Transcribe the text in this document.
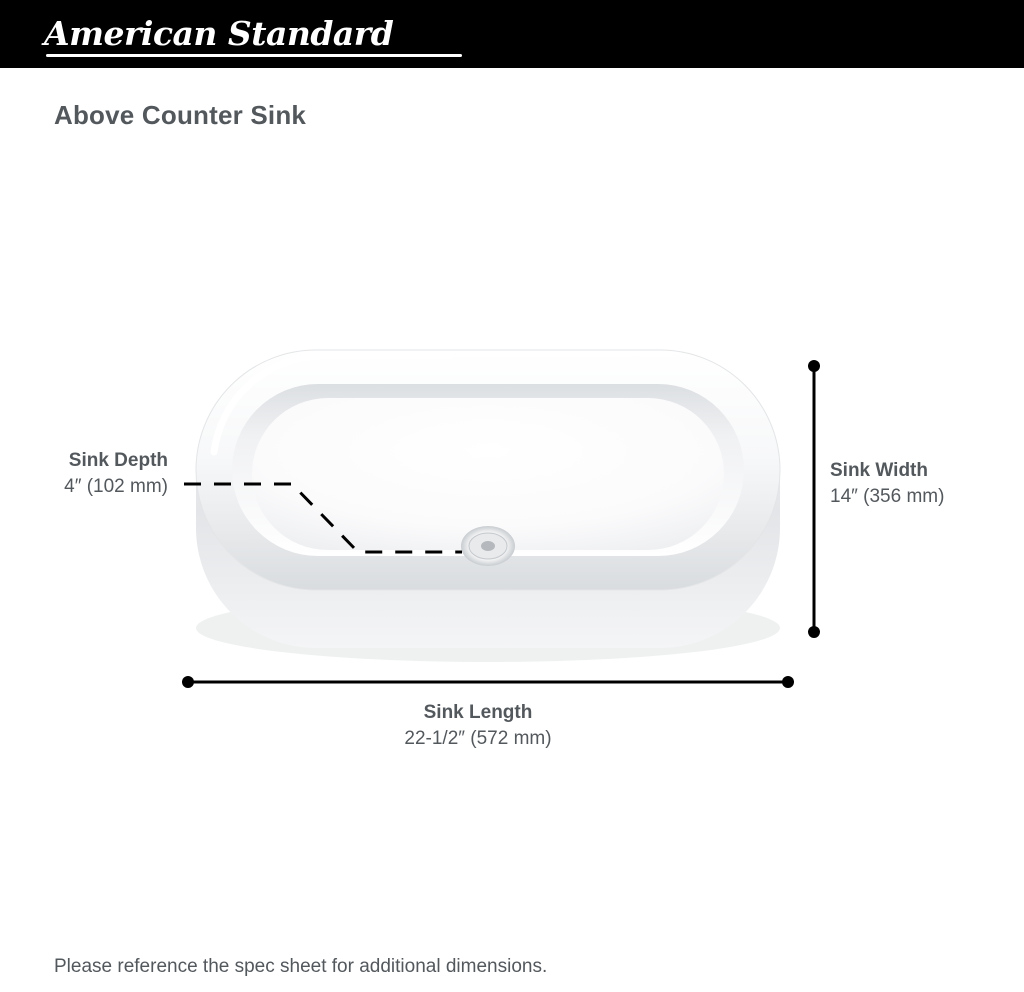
American Standard
Above Counter Sink
Sink Depth
4″ (102 mm)
Sink Width
14″ (356 mm)
Sink Length
22-1/2″ (572 mm)
Please reference the spec sheet for additional dimensions.
